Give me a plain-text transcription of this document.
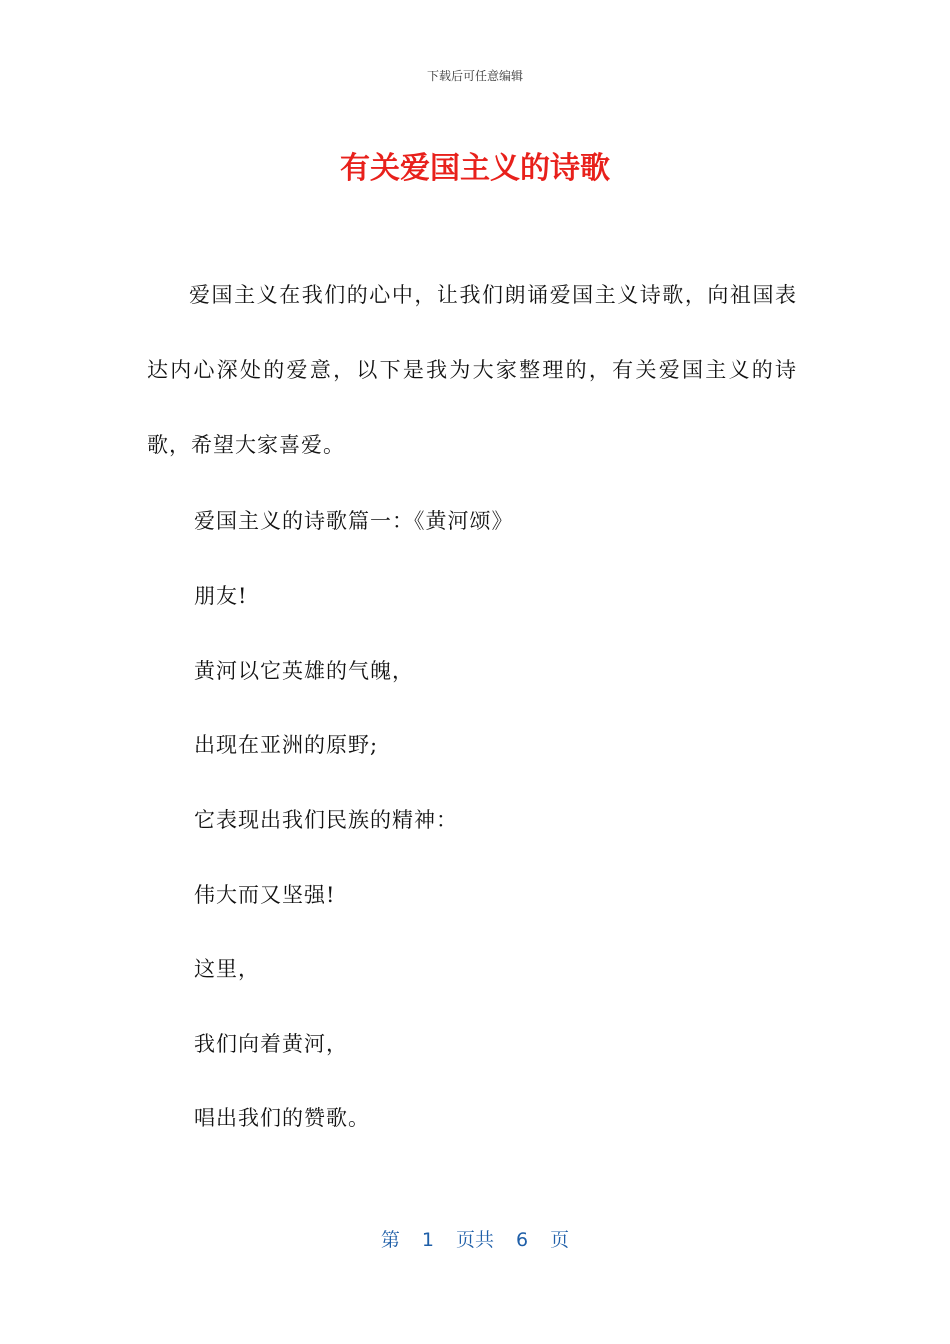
下载后可任意编辑
有关爱国主义的诗歌
爱国主义在我们的心中，让我们朗诵爱国主义诗歌，向祖国表达内心深处的爱意，以下是我为大家整理的，有关爱国主义的诗歌，希望大家喜爱。
爱国主义的诗歌篇一：《黄河颂》
朋友!
黄河以它英雄的气魄，
出现在亚洲的原野;
它表现出我们民族的精神：
伟大而又坚强!
这里，
我们向着黄河，
唱出我们的赞歌。
第 1 页共 6 页
